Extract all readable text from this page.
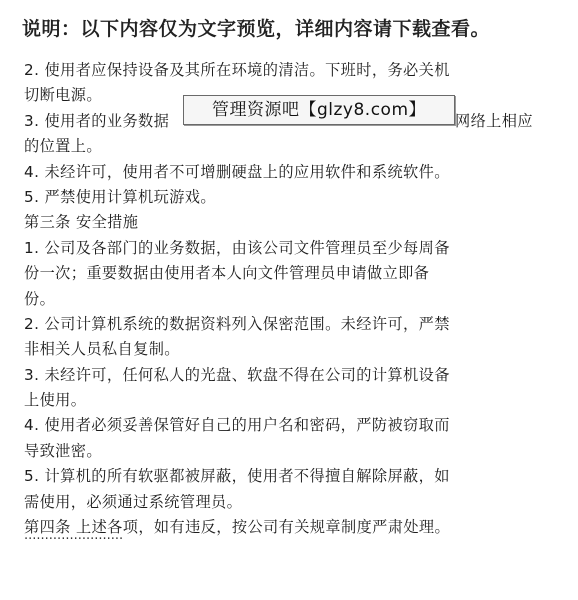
说明：以下内容仅为文字预览，详细内容请下载查看。

2. 使用者应保持设备及其所在环境的清洁。下班时，务必关机

切断电源。

3. 使用者的业务数据	网络上相应

的位置上。

4. 未经许可，使用者不可增删硬盘上的应用软件和系统软件。

5. 严禁使用计算机玩游戏。

第三条 安全措施

1. 公司及各部门的业务数据，由该公司文件管理员至少每周备

份一次；重要数据由使用者本人向文件管理员申请做立即备

份。

2. 公司计算机系统的数据资料列入保密范围。未经许可，严禁

非相关人员私自复制。

3. 未经许可，任何私人的光盘、软盘不得在公司的计算机设备

上使用。

4. 使用者必须妥善保管好自己的用户名和密码，严防被窃取而

导致泄密。

5. 计算机的所有软驱都被屏蔽，使用者不得擅自解除屏蔽，如

需使用，必须通过系统管理员。

第四条 上述各项，如有违反，按公司有关规章制度严肃处理。

管理资源吧【glzy8.com】
························
